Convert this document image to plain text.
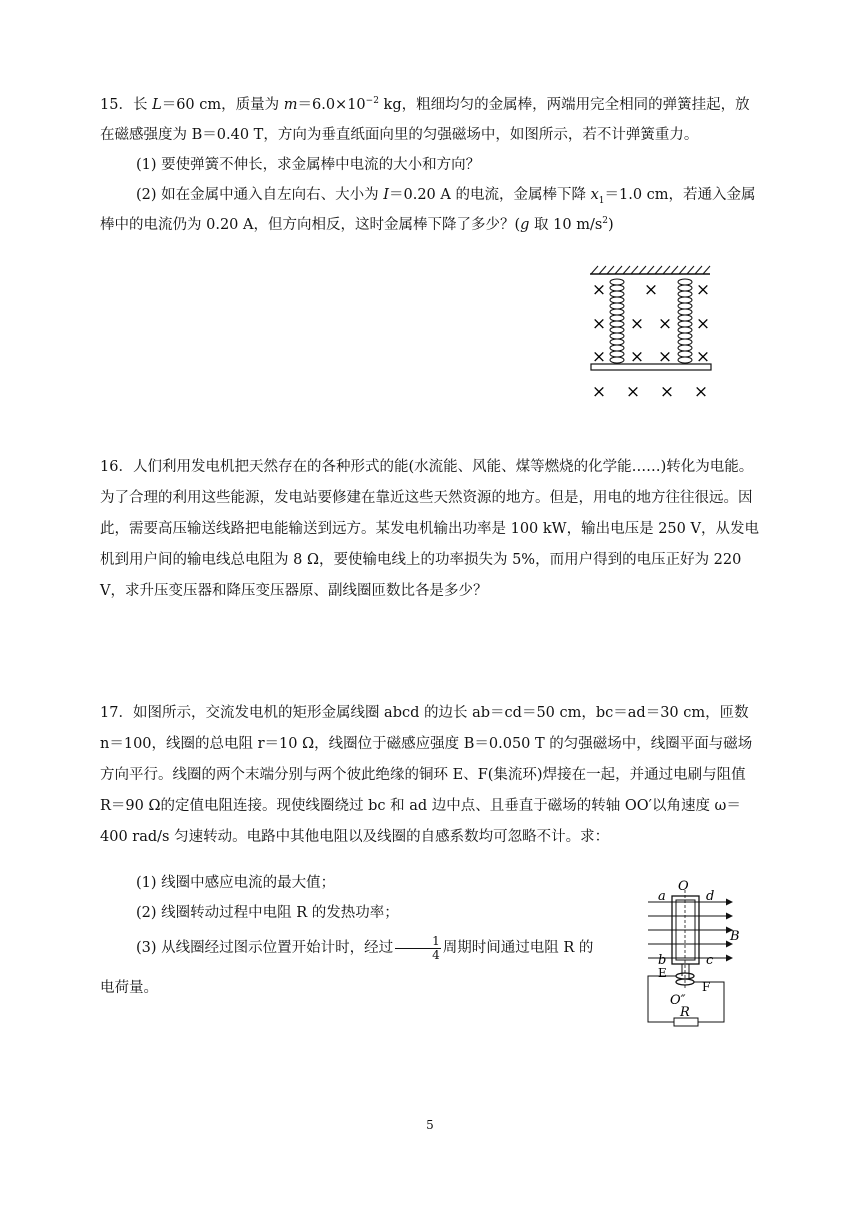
15．长 L＝60 cm，质量为 $m=6.0\times 10^{-2}$ kg，粗细均匀的金属棒，两端用完全相同的弹簧挂起，放
在磁感强度为 B＝0.40 T，方向为垂直纸面向里的匀强磁场中，如图所示，若不计弹簧重力。
(1) 要使弹簧不伸长，求金属棒中电流的大小和方向？
(2) 如在金属中通入自左向右、大小为 I＝0.20 A 的电流，金属棒下降 $x_1=1.0$ cm，若通入金属
棒中的电流仍为 0.20 A，但方向相反，这时金属棒下降了多少？(g 取 10 $m/s^2$)
× × ×
× × × ×
× × × ×
× × × ×
16．人们利用发电机把天然存在的各种形式的能(水流能、风能、煤等燃烧的化学能……)转化为电能。为了合理的利用这些能源，发电站要修建在靠近这些天然资源的地方。但是，用电的地方往往很远。因此，需要高压输送线路把电能输送到远方。某发电机输出功率是 100 kW，输出电压是 250 V，从发电机到用户间的输电线总电阻为 8 Ω，要使输电线上的功率损失为 5%，而用户得到的电压正好为 220 V，求升压变压器和降压变压器原、副线圈匝数比各是多少？
17．如图所示，交流发电机的矩形金属线圈 abcd 的边长 ab＝cd＝50 cm，bc＝ad＝30 cm，匝数 n＝100，线圈的总电阻 r＝10 Ω，线圈位于磁感应强度 B＝0.050 T 的匀强磁场中，线圈平面与磁场方向平行。线圈的两个末端分别与两个彼此绝缘的铜环 E、F(集流环)焊接在一起，并通过电刷与阻值 R＝90 Ω的定值电阻连接。现使线圈绕过 bc 和 ad 边中点、且垂直于磁场的转轴 OO′以角速度 ω＝400 rad/s 匀速转动。电路中其他电阻以及线圈的自感系数均可忽略不计。求：
(1) 线圈中感应电流的最大值；
(2) 线圈转动过程中电阻 R 的发热功率；
(3) 从线圈经过图示位置开始计时，经过 $\frac{1}{4}$ 周期时间通过电阻 R 的电荷量。
a
O
d
B
b	c
O″
R
E
F
5
